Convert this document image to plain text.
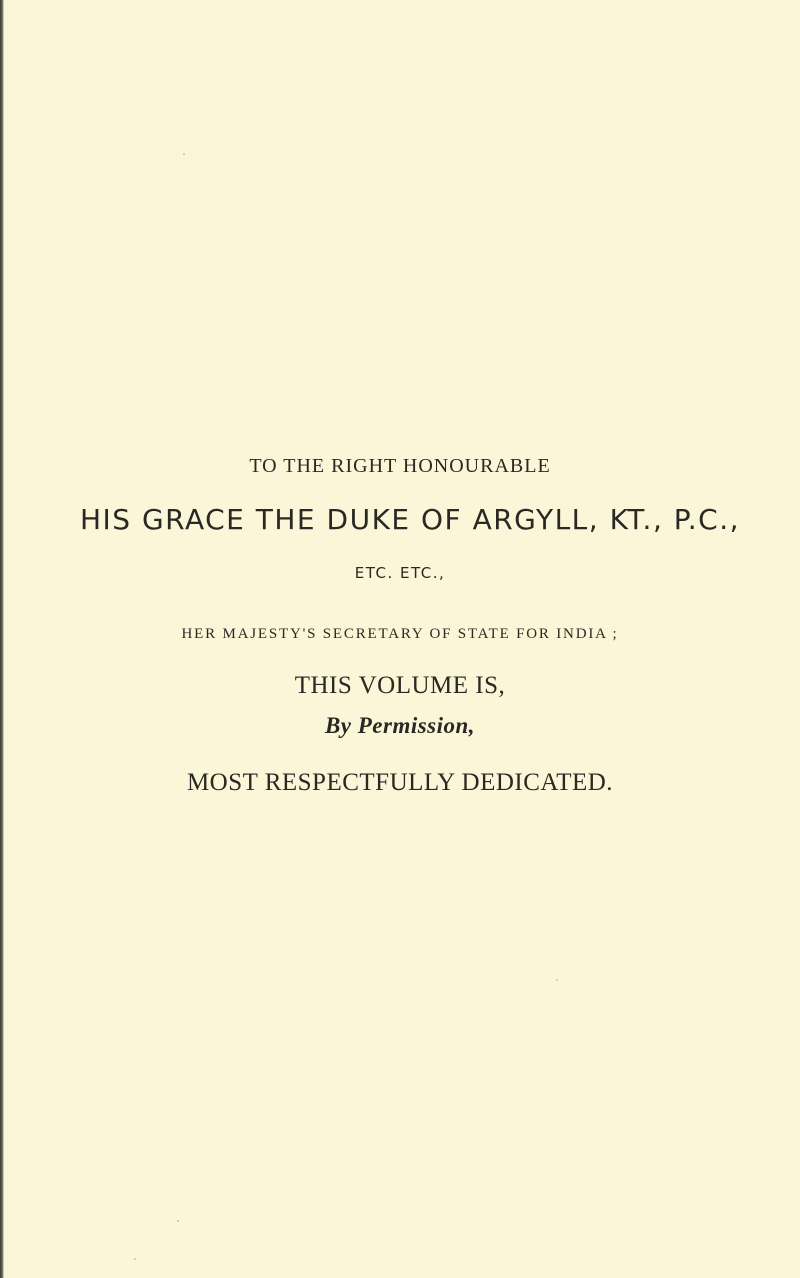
TO THE RIGHT HONOURABLE
HIS GRACE THE DUKE OF ARGYLL, KT., P.C.,
ETC. ETC.,
HER MAJESTY'S SECRETARY OF STATE FOR INDIA ;
THIS VOLUME IS,
By Permission,
MOST RESPECTFULLY DEDICATED.
